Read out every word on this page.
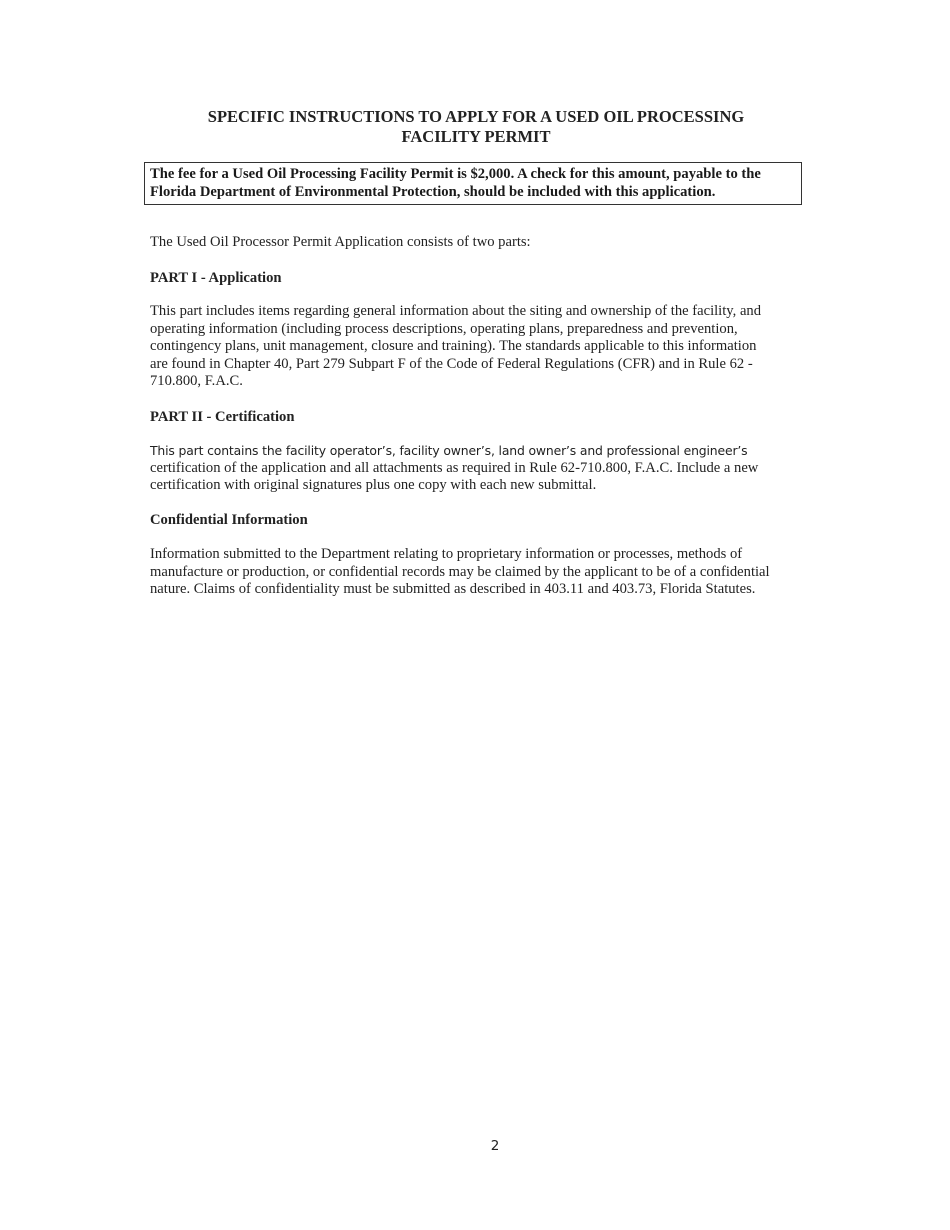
SPECIFIC INSTRUCTIONS TO APPLY FOR A USED OIL PROCESSING
FACILITY PERMIT
The fee for a Used Oil Processing Facility Permit is $2,000. A check for this amount, payable to the
Florida Department of Environmental Protection, should be included with this application.

The Used Oil Processor Permit Application consists of two parts:

PART I - Application

This part includes items regarding general information about the siting and ownership of the facility, and
operating information (including process descriptions, operating plans, preparedness and prevention,
contingency plans, unit management, closure and training). The standards applicable to this information
are found in Chapter 40, Part 279 Subpart F of the Code of Federal Regulations (CFR) and in Rule 62 -
710.800, F.A.C.

PART II - Certification

This part contains the facility operator’s, facility owner’s, land owner’s and professional engineer’s
certification of the application and all attachments as required in Rule 62-710.800, F.A.C. Include a new
certification with original signatures plus one copy with each new submittal.

Confidential Information

Information submitted to the Department relating to proprietary information or processes, methods of
manufacture or production, or confidential records may be claimed by the applicant to be of a confidential
nature. Claims of confidentiality must be submitted as described in 403.11 and 403.73, Florida Statutes.
2
